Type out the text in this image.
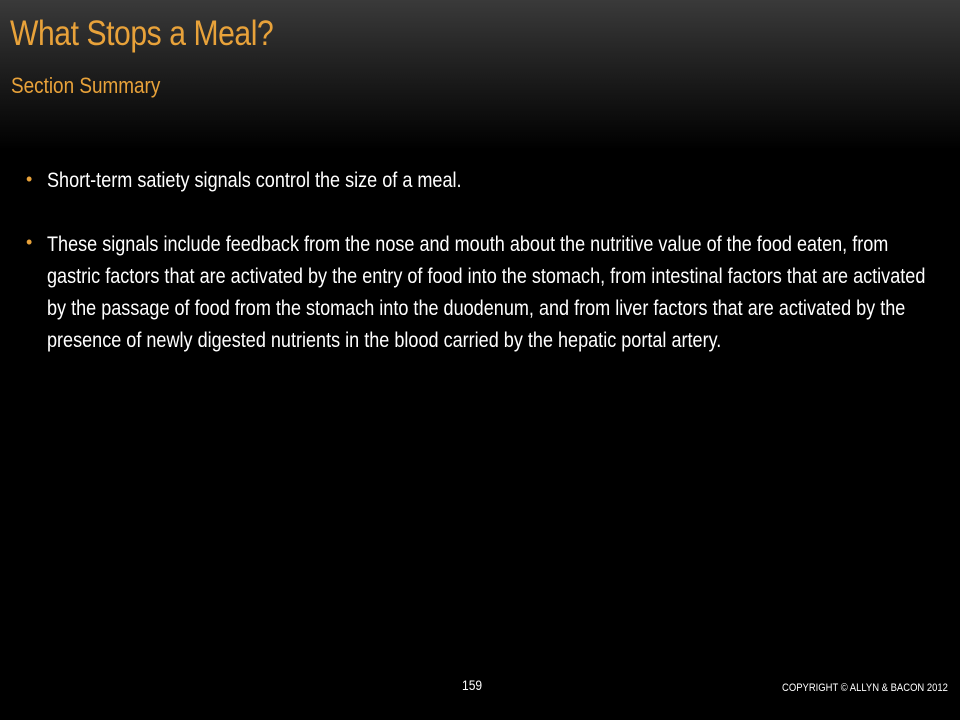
What Stops a Meal?
Section Summary
• Short-term satiety signals control the size of a meal.

• These signals include feedback from the nose and mouth about the nutritive value of the food eaten, from gastric factors that are activated by the entry of food into the stomach, from intestinal factors that are activated by the passage of food from the stomach into the duodenum, and from liver factors that are activated by the presence of newly digested nutrients in the blood carried by the hepatic portal artery.

159	COPYRIGHT © ALLYN & BACON 2012
